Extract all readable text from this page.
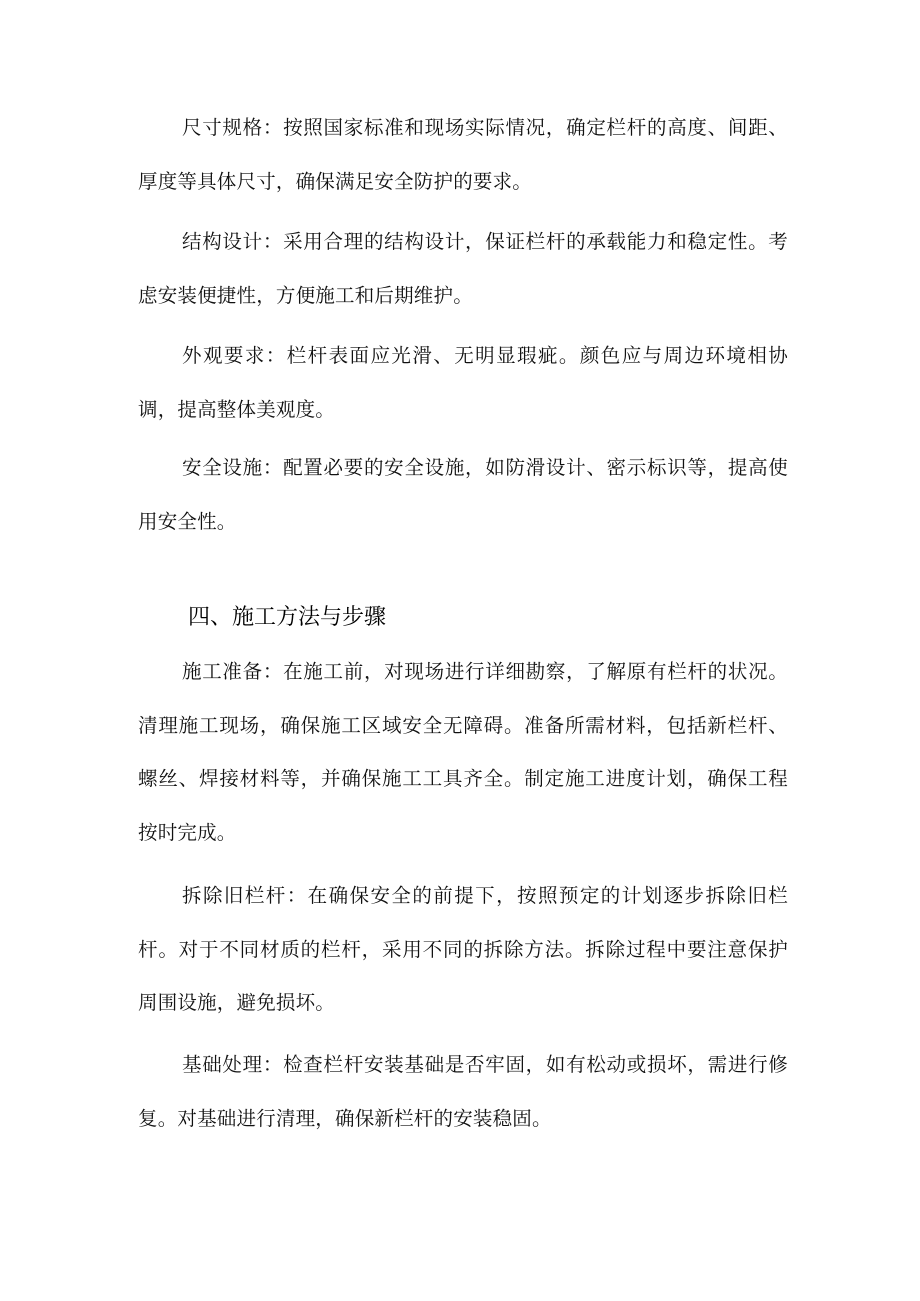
尺寸规格：按照国家标准和现场实际情况，确定栏杆的高度、间距、厚度等具体尺寸，确保满足安全防护的要求。

结构设计：采用合理的结构设计，保证栏杆的承载能力和稳定性。考虑安装便捷性，方便施工和后期维护。

外观要求：栏杆表面应光滑、无明显瑕疵。颜色应与周边环境相协调，提高整体美观度。

安全设施：配置必要的安全设施，如防滑设计、密示标识等，提高使用安全性。

四、施工方法与步骤

施工准备：在施工前，对现场进行详细勘察，了解原有栏杆的状况。清理施工现场，确保施工区域安全无障碍。准备所需材料，包括新栏杆、螺丝、焊接材料等，并确保施工工具齐全。制定施工进度计划，确保工程按时完成。

拆除旧栏杆：在确保安全的前提下，按照预定的计划逐步拆除旧栏杆。对于不同材质的栏杆，采用不同的拆除方法。拆除过程中要注意保护周围设施，避免损坏。

基础处理：检查栏杆安装基础是否牢固，如有松动或损坏，需进行修复。对基础进行清理，确保新栏杆的安装稳固。
